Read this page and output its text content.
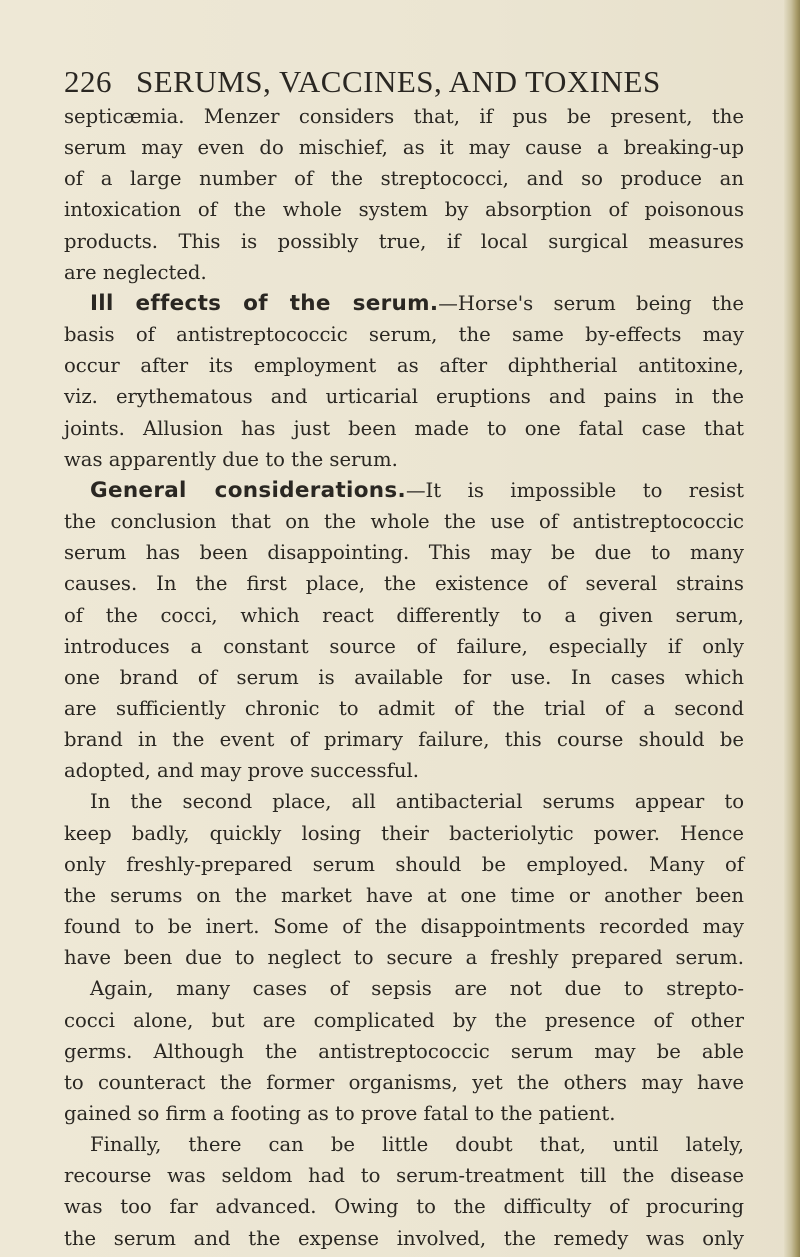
226 SERUMS, VACCINES, AND TOXINES
septicæmia. Menzer considers that, if pus be present, the
serum may even do mischief, as it may cause a breaking-up
of a large number of the streptococci, and so produce an
intoxication of the whole system by absorption of poisonous
products. This is possibly true, if local surgical measures
are neglected.
Ill effects of the serum.—Horse's serum being the
basis of antistreptococcic serum, the same by-effects may
occur after its employment as after diphtherial antitoxine,
viz. erythematous and urticarial eruptions and pains in the
joints. Allusion has just been made to one fatal case that
was apparently due to the serum.
General considerations.—It is impossible to resist
the conclusion that on the whole the use of antistreptococcic
serum has been disappointing. This may be due to many
causes. In the first place, the existence of several strains
of the cocci, which react differently to a given serum,
introduces a constant source of failure, especially if only
one brand of serum is available for use. In cases which
are sufficiently chronic to admit of the trial of a second
brand in the event of primary failure, this course should be
adopted, and may prove successful.
In the second place, all antibacterial serums appear to
keep badly, quickly losing their bacteriolytic power. Hence
only freshly-prepared serum should be employed. Many of
the serums on the market have at one time or another been
found to be inert. Some of the disappointments recorded may
have been due to neglect to secure a freshly prepared serum.
Again, many cases of sepsis are not due to strepto-
cocci alone, but are complicated by the presence of other
germs. Although the antistreptococcic serum may be able
to counteract the former organisms, yet the others may have
gained so firm a footing as to prove fatal to the patient.
Finally, there can be little doubt that, until lately,
recourse was seldom had to serum-treatment till the disease
was too far advanced. Owing to the difficulty of procuring
the serum and the expense involved, the remedy was only
